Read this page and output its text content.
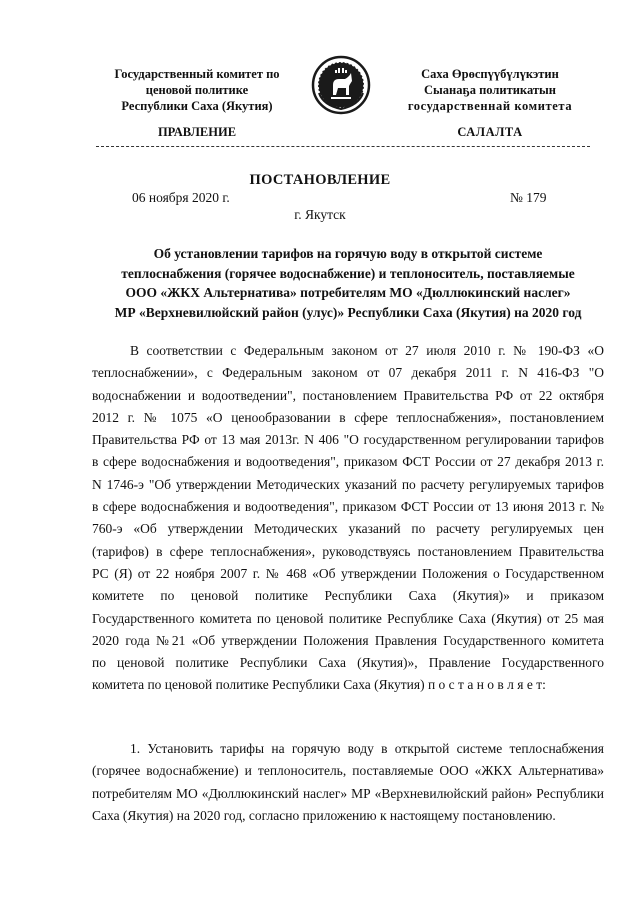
Государственный комитет по
ценовой политике
Республики Саха (Якутия)
Саха Өрөспүүбүлүкэтин
Сыанаҕа политикатын
государственнай комитета
ПРАВЛЕНИЕ	САЛАЛТА
ПОСТАНОВЛЕНИЕ
06 ноября 2020 г.	№ 179
г. Якутск
Об установлении тарифов на горячую воду в открытой системе
теплоснабжения (горячее водоснабжение) и теплоноситель, поставляемые
ООО «ЖКХ Альтернатива» потребителям МО «Дюллюкинский наслег»
МР «Верхневилюйский район (улус)» Республики Саха (Якутия) на 2020 год
В соответствии с Федеральным законом от 27 июля 2010 г. № 190-ФЗ «О
теплоснабжении», с Федеральным законом от 07 декабря 2011 г. N 416-ФЗ "О
водоснабжении и водоотведении", постановлением Правительства РФ от 22 октября
2012 г. № 1075 «О ценообразовании в сфере теплоснабжения», постановлением
Правительства РФ от 13 мая 2013г. N 406 "О государственном регулировании тарифов
в сфере водоснабжения и водоотведения", приказом ФСТ России от 27 декабря 2013 г.
N 1746-э "Об утверждении Методических указаний по расчету регулируемых тарифов
в сфере водоснабжения и водоотведения", приказом ФСТ России от 13 июня 2013 г. №
760-э «Об утверждении Методических указаний по расчету регулируемых цен
(тарифов) в сфере теплоснабжения», руководствуясь постановлением Правительства
РС (Я) от 22 ноября 2007 г. № 468 «Об утверждении Положения о Государственном
комитете по ценовой политике Республики Саха (Якутия)» и приказом
Государственного комитета по ценовой политике Республике Саха (Якутия) от 25 мая
2020 года №21 «Об утверждении Положения Правления Государственного комитета
по ценовой политике Республики Саха (Якутия)», Правление Государственного
комитета по ценовой политике Республики Саха (Якутия) п о с т а н о в л я е т:
1. Установить тарифы на горячую воду в открытой системе теплоснабжения
(горячее водоснабжение) и теплоноситель, поставляемые ООО «ЖКХ Альтернатива»
потребителям МО «Дюллюкинский наслег» МР «Верхневилюйский район» Республики
Саха (Якутия) на 2020 год, согласно приложению к настоящему постановлению.
